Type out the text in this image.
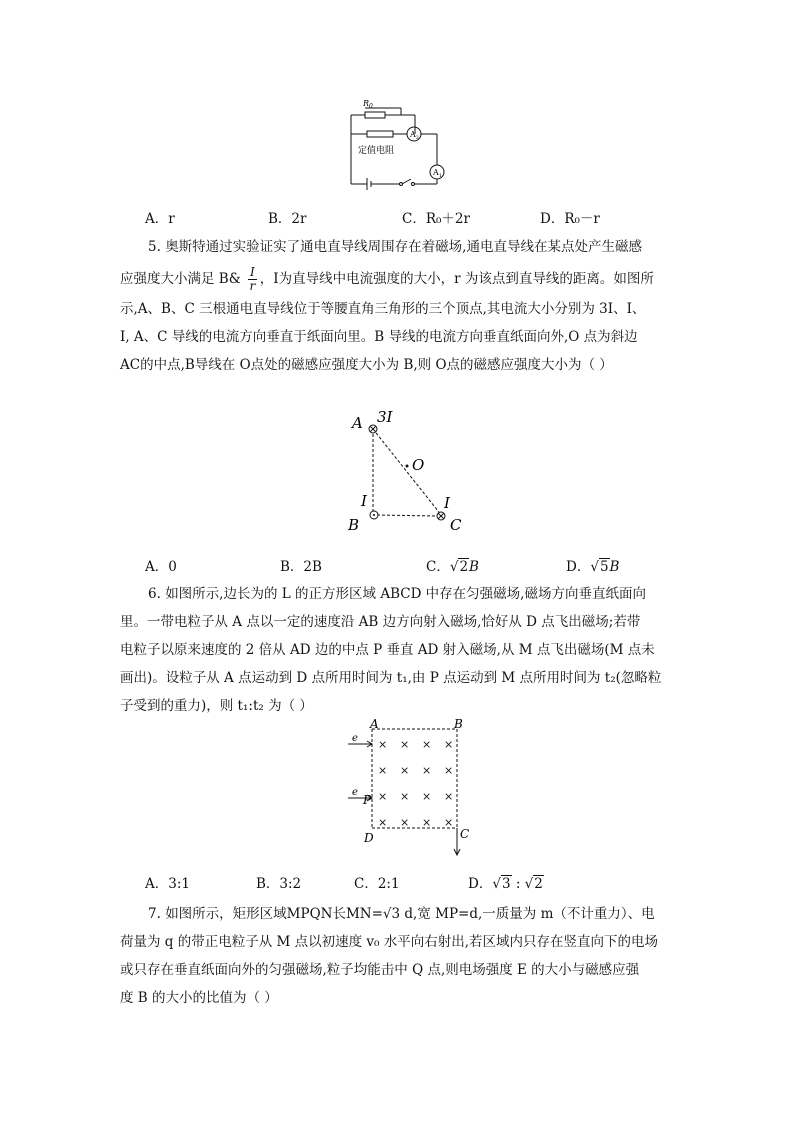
$R_0$
定值电阻
$A_2$
$A_1$
A．r	B．2r	C．R₀＋2r	D．R₀－r
5. 奥斯特通过实验证实了通电直导线周围存在着磁场,通电直导线在某点处产生磁感
应强度大小满足 B& $\frac{I}{r}$ ，I为直导线中电流强度的大小，r 为该点到直导线的距离。如图所
示,A、B、C 三根通电直导线位于等腰直角三角形的三个顶点,其电流大小分别为 3I、I、
I, A、C 导线的电流方向垂直于纸面向里。B 导线的电流方向垂直纸面向外,O 点为斜边
AC的中点,B导线在 O点处的磁感应强度大小为 B,则 O点的磁感应强度大小为（ ）
A 3I
O
I	I
B	C
A．0	B．2B	C．√2B	D．√5B
6. 如图所示,边长为的 L 的正方形区域 ABCD 中存在匀强磁场,磁场方向垂直纸面向
里。一带电粒子从 A 点以一定的速度沿 AB 边方向射入磁场,恰好从 D 点飞出磁场;若带
电粒子以原来速度的 2 倍从 AD 边的中点 P 垂直 AD 射入磁场,从 M 点飞出磁场(M 点未
画出)。设粒子从 A 点运动到 D 点所用时间为 t₁,由 P 点运动到 M 点所用时间为 t₂(忽略粒
子受到的重力)，则 t₁:t₂ 为（ ）
× × × ×
× × × ×
× × × ×
× × × ×
A	B
C
D
P
e
e
A．3:1	B．3:2	C．2:1	D．√3 : √2
7. 如图所示，矩形区域MPQN长MN=√3 d,宽 MP=d,一质量为 m（不计重力）、电
荷量为 q 的带正电粒子从 M 点以初速度 v₀ 水平向右射出,若区域内只存在竖直向下的电场
或只存在垂直纸面向外的匀强磁场,粒子均能击中 Q 点,则电场强度 E 的大小与磁感应强
度 B 的大小的比值为（ ）
